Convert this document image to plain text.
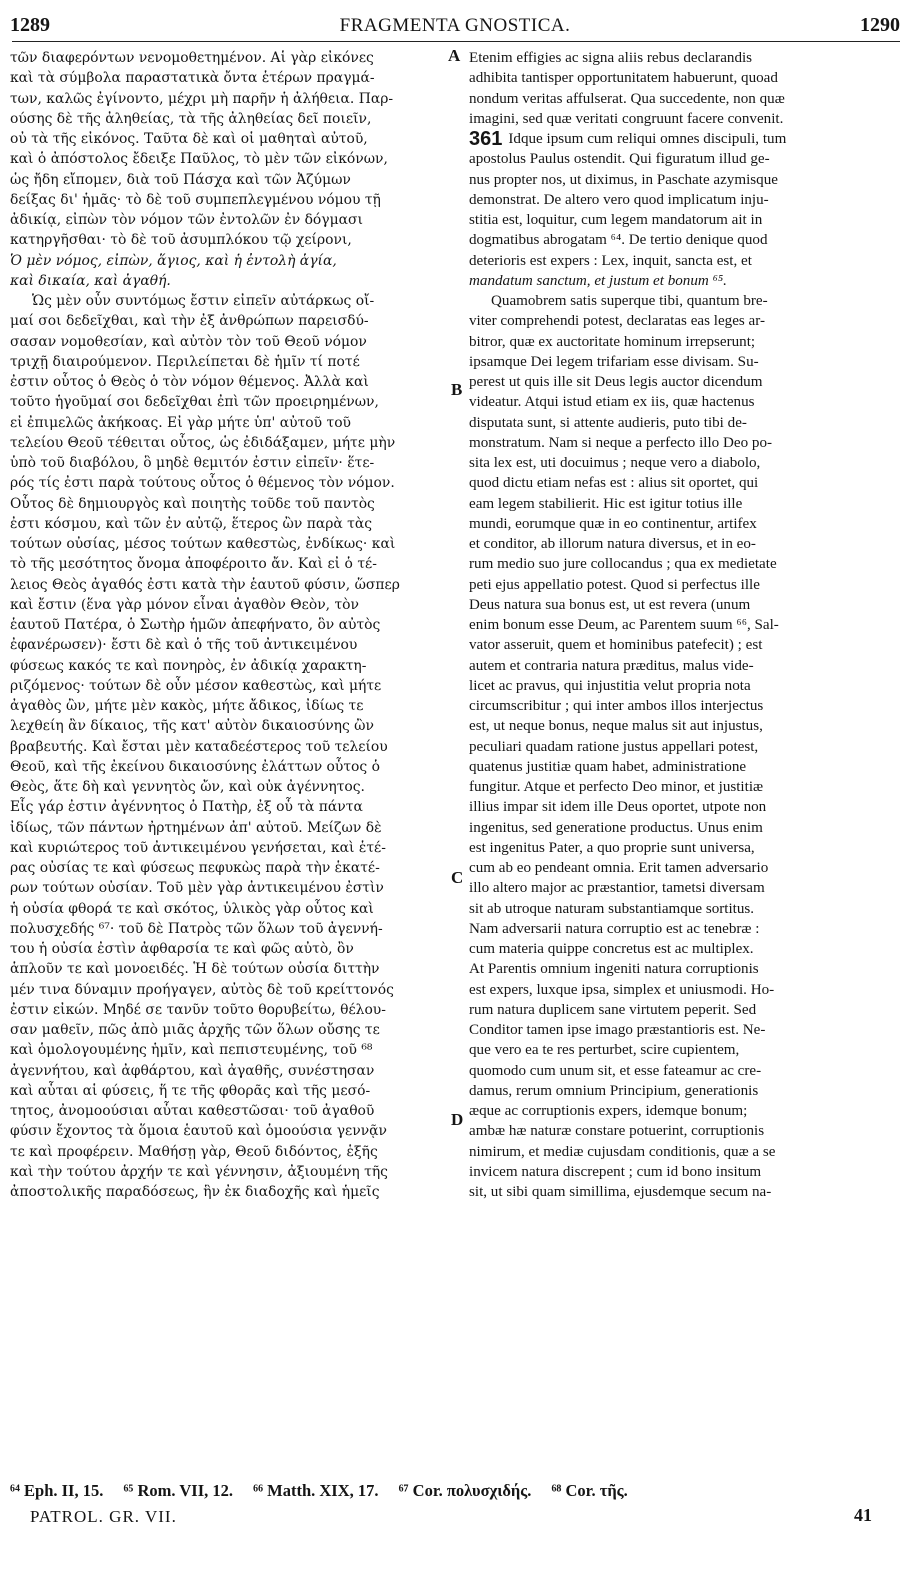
1289	FRAGMENTA GNOSTICA.	1290
τῶν διαφερόντων νενομοθετημένον. Αἱ γὰρ εἰκόνες
καὶ τὰ σύμβολα παραστατικὰ ὄντα ἑτέρων πραγμά-
των, καλῶς ἐγίνοντο, μέχρι μὴ παρῆν ἡ ἀλήθεια. Παρ-
ούσης δὲ τῆς ἀληθείας, τὰ τῆς ἀληθείας δεῖ ποιεῖν,
οὐ τὰ τῆς εἰκόνος. Ταῦτα δὲ καὶ οἱ μαθηταὶ αὐτοῦ,
καὶ ὁ ἀπόστολος ἔδειξε Παῦλος, τὸ μὲν τῶν εἰκόνων,
ὡς ἤδη εἴπομεν, διὰ τοῦ Πάσχα καὶ τῶν Ἀζύμων
δείξας δι' ἡμᾶς· τὸ δὲ τοῦ συμπεπλεγμένου νόμου τῇ
ἀδικίᾳ, εἰπὼν τὸν νόμον τῶν ἐντολῶν ἐν δόγμασι
κατηργῆσθαι· τὸ δὲ τοῦ ἀσυμπλόκου τῷ χείρονι,
Ὁ μὲν νόμος, εἰπὼν, ἅγιος, καὶ ἡ ἐντολὴ ἁγία,
καὶ δικαία, καὶ ἀγαθή.
Ὡς μὲν οὖν συντόμως ἔστιν εἰπεῖν αὐτάρκως οἴ-
μαί σοι δεδεῖχθαι, καὶ τὴν ἐξ ἀνθρώπων παρεισδύ-
σασαν νομοθεσίαν, καὶ αὐτὸν τὸν τοῦ Θεοῦ νόμον
τριχῇ διαιρούμενον. Περιλείπεται δὲ ἡμῖν τί ποτέ
ἐστιν οὗτος ὁ Θεὸς ὁ τὸν νόμον θέμενος. Ἀλλὰ καὶ
τοῦτο ἡγοῦμαί σοι δεδεῖχθαι ἐπὶ τῶν προειρημένων,
εἰ ἐπιμελῶς ἀκήκοας. Εἰ γὰρ μήτε ὑπ' αὐτοῦ τοῦ
τελείου Θεοῦ τέθειται οὗτος, ὡς ἐδιδάξαμεν, μήτε μὴν
ὑπὸ τοῦ διαβόλου, ὃ μηδὲ θεμιτόν ἐστιν εἰπεῖν· ἕτε-
ρός τίς ἐστι παρὰ τούτους οὗτος ὁ θέμενος τὸν νόμον.
Οὗτος δὲ δημιουργὸς καὶ ποιητὴς τοῦδε τοῦ παντὸς
ἐστι κόσμου, καὶ τῶν ἐν αὐτῷ, ἕτερος ὢν παρὰ τὰς
τούτων οὐσίας, μέσος τούτων καθεστὼς, ἐνδίκως· καὶ
τὸ τῆς μεσότητος ὄνομα ἀποφέροιτο ἄν. Καὶ εἰ ὁ τέ-
λειος Θεὸς ἀγαθός ἐστι κατὰ τὴν ἑαυτοῦ φύσιν, ὥσπερ
καὶ ἔστιν (ἕνα γὰρ μόνον εἶναι ἀγαθὸν Θεὸν, τὸν
ἑαυτοῦ Πατέρα, ὁ Σωτὴρ ἡμῶν ἀπεφήνατο, ὃν αὐτὸς
ἐφανέρωσεν)· ἔστι δὲ καὶ ὁ τῆς τοῦ ἀντικειμένου
φύσεως κακός τε καὶ πονηρὸς, ἐν ἀδικίᾳ χαρακτη-
ριζόμενος· τούτων δὲ οὖν μέσον καθεστὼς, καὶ μήτε
ἀγαθὸς ὢν, μήτε μὲν κακὸς, μήτε ἄδικος, ἰδίως τε
λεχθείη ἂν δίκαιος, τῆς κατ' αὐτὸν δικαιοσύνης ὢν
βραβευτής. Καὶ ἔσται μὲν καταδεέστερος τοῦ τελείου
Θεοῦ, καὶ τῆς ἐκείνου δικαιοσύνης ἐλάττων οὗτος ὁ
Θεὸς, ἅτε δὴ καὶ γεννητὸς ὤν, καὶ οὐκ ἀγέννητος.
Εἷς γάρ ἐστιν ἀγέννητος ὁ Πατὴρ, ἐξ οὗ τὰ πάντα
ἰδίως, τῶν πάντων ἠρτημένων ἀπ' αὐτοῦ. Μείζων δὲ
καὶ κυριώτερος τοῦ ἀντικειμένου γενήσεται, καὶ ἑτέ-
ρας οὐσίας τε καὶ φύσεως πεφυκὼς παρὰ τὴν ἑκατέ-
ρων τούτων οὐσίαν. Τοῦ μὲν γὰρ ἀντικειμένου ἐστὶν
ἡ οὐσία φθορά τε καὶ σκότος, ὑλικὸς γὰρ οὗτος καὶ
πολυσχεδής ⁶⁷· τοῦ δὲ Πατρὸς τῶν ὅλων τοῦ ἀγεννή-
του ἡ οὐσία ἐστὶν ἀφθαρσία τε καὶ φῶς αὐτὸ, ὂν
ἁπλοῦν τε καὶ μονοειδές. Ἡ δὲ τούτων οὐσία διττὴν
μέν τινα δύναμιν προήγαγεν, αὐτὸς δὲ τοῦ κρείττονός
ἐστιν εἰκών. Μηδέ σε τανῦν τοῦτο θορυβείτω, θέλου-
σαν μαθεῖν, πῶς ἀπὸ μιᾶς ἀρχῆς τῶν ὅλων οὔσης τε
καὶ ὁμολογουμένης ἡμῖν, καὶ πεπιστευμένης, τοῦ ⁶⁸
ἀγεννήτου, καὶ ἀφθάρτου, καὶ ἀγαθῆς, συνέστησαν
καὶ αὗται αἱ φύσεις, ἥ τε τῆς φθορᾶς καὶ τῆς μεσό-
τητος, ἀνομοούσιαι αὗται καθεστῶσαι· τοῦ ἀγαθοῦ
φύσιν ἔχοντος τὰ ὅμοια ἑαυτοῦ καὶ ὁμοούσια γεννᾷν
τε καὶ προφέρειν. Μαθήσῃ γὰρ, Θεοῦ διδόντος, ἑξῆς
καὶ τὴν τούτου ἀρχήν τε καὶ γέννησιν, ἀξιουμένη τῆς
ἀποστολικῆς παραδόσεως, ἣν ἐκ διαδοχῆς καὶ ἡμεῖς
Etenim effigies ac signa aliis rebus declarandis
adhibita tantisper opportunitatem habuerunt, quoad
nondum veritas affulserat. Qua succedente, non quæ
imagini, sed quæ veritati congruunt facere convenit.
361 Idque ipsum cum reliqui omnes discipuli, tum
apostolus Paulus ostendit. Qui figuratum illud ge-
nus propter nos, ut diximus, in Paschate azymisque
demonstrat. De altero vero quod implicatum inju-
stitia est, loquitur, cum legem mandatorum ait in
dogmatibus abrogatam ⁶⁴. De tertio denique quod
deterioris est expers : Lex, inquit, sancta est, et
mandatum sanctum, et justum et bonum ⁶⁵.
Quamobrem satis superque tibi, quantum bre-
viter comprehendi potest, declaratas eas leges ar-
bitror, quæ ex auctoritate hominum irrepserunt;
ipsamque Dei legem trifariam esse divisam. Su-
perest ut quis ille sit Deus legis auctor dicendum
videatur. Atqui istud etiam ex iis, quæ hactenus
disputata sunt, si attente audieris, puto tibi de-
monstratum. Nam si neque a perfecto illo Deo po-
sita lex est, uti docuimus ; neque vero a diabolo,
quod dictu etiam nefas est : alius sit oportet, qui
eam legem stabilierit. Hic est igitur totius ille
mundi, eorumque quæ in eo continentur, artifex
et conditor, ab illorum natura diversus, et in eo-
rum medio suo jure collocandus ; qua ex medietate
peti ejus appellatio potest. Quod si perfectus ille
Deus natura sua bonus est, ut est revera (unum
enim bonum esse Deum, ac Parentem suum ⁶⁶, Sal-
vator asseruit, quem et hominibus patefecit) ; est
autem et contraria natura præditus, malus vide-
licet ac pravus, qui injustitia velut propria nota
circumscribitur ; qui inter ambos illos interjectus
est, ut neque bonus, neque malus sit aut injustus,
peculiari quadam ratione justus appellari potest,
quatenus justitiæ quam habet, administratione
fungitur. Atque et perfecto Deo minor, et justitiæ
illius impar sit idem ille Deus oportet, utpote non
ingenitus, sed generatione productus. Unus enim
est ingenitus Pater, a quo proprie sunt universa,
cum ab eo pendeant omnia. Erit tamen adversario
illo altero major ac præstantior, tametsi diversam
sit ab utroque naturam substantiamque sortitus.
Nam adversarii natura corruptio est ac tenebræ :
cum materia quippe concretus est ac multiplex.
At Parentis omnium ingeniti natura corruptionis
est expers, luxque ipsa, simplex et uniusmodi. Ho-
rum natura duplicem sane virtutem peperit. Sed
Conditor tamen ipse imago præstantioris est. Ne-
que vero ea te res perturbet, scire cupientem,
quomodo cum unum sit, et esse fateamur ac cre-
damus, rerum omnium Principium, generationis
æque ac corruptionis expers, idemque bonum;
ambæ hæ naturæ constare potuerint, corruptionis
nimirum, et mediæ cujusdam conditionis, quæ a se
invicem natura discrepent ; cum id bono insitum
sit, ut sibi quam simillima, ejusdemque secum na-
A
B
C
D
⁶⁴ Eph. II, 15. ⁶⁵ Rom. VII, 12. ⁶⁶ Matth. XIX, 17. ⁶⁷ Cor. πολυσχιδής. ⁶⁸ Cor. τῆς.
PATROL. GR. VII.	41
